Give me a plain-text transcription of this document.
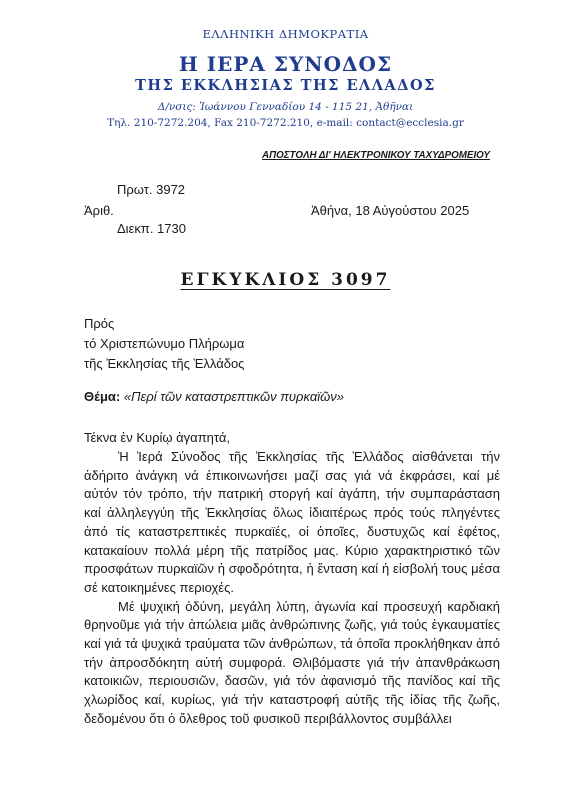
ΕΛΛΗΝΙΚΗ ΔΗΜΟΚΡΑΤΙΑ
Η ΙΕΡΑ ΣΥΝΟΔΟΣ
ΤΗΣ ΕΚΚΛΗΣΙΑΣ ΤΗΣ ΕΛΛΑΔΟΣ
Δ/νσις: Ἰωάννου Γενναδίου 14 - 115 21, Ἀθῆναι
Τηλ. 210-7272.204, Fax 210-7272.210, e-mail: contact@ecclesia.gr
ΑΠΟΣΤΟΛΗ ΔΙ' ΗΛΕΚΤΡΟΝΙΚΟΥ ΤΑΧΥΔΡΟΜΕΙΟΥ
Πρωτ. 3972
Ἀριθ.
Διεκπ. 1730
Ἀθήνα, 18 Αὐγούστου 2025
ΕΓΚΥΚΛΙΟΣ 3097
Πρός
τό Χριστεπώνυμο Πλήρωμα
τῆς Ἐκκλησίας τῆς Ἑλλάδος
Θέμα: «Περί τῶν καταστρεπτικῶν πυρκαϊῶν»
Τέκνα ἐν Κυρίῳ ἀγαπητά,

Ἡ Ἱερά Σύνοδος τῆς Ἐκκλησίας τῆς Ἑλλάδος αἰσθάνεται τήν ἀδήριτο ἀνάγκη νά ἐπικοινωνήσει μαζί σας γιά νά ἐκφράσει, καί μέ αὐτόν τόν τρόπο, τήν πατρική στοργή καί ἀγάπη, τήν συμπαράσταση καί ἀλληλεγγύη τῆς Ἐκκλησίας ὅλως ἰδιαιτέρως πρός τούς πληγέντες ἀπό τίς καταστρεπτικές πυρκαϊές, οἱ ὁποῖες, δυστυχῶς καί ἐφέτος, κατακαίουν πολλά μέρη τῆς πατρίδος μας. Κύριο χαρακτηριστικό τῶν προσφάτων πυρκαϊῶν ἡ σφοδρότητα, ἡ ἔνταση καί ἡ εἰσβολή τους μέσα σέ κατοικημένες περιοχές.

Μέ ψυχική ὀδύνη, μεγάλη λύπη, ἀγωνία καί προσευχή καρδιακή θρηνοῦμε γιά τήν ἀπώλεια μιᾶς ἀνθρώπινης ζωῆς, γιά τούς ἐγκαυματίες καί γιά τά ψυχικά τραύματα τῶν ἀνθρώπων, τά ὁποῖα προκλήθηκαν ἀπό τήν ἀπροσδόκητη αὐτή συμφορά. Θλιβόμαστε γιά τήν ἀπανθράκωση κατοικιῶν, περιουσιῶν, δασῶν, γιά τόν ἀφανισμό τῆς πανίδος καί τῆς χλωρίδος καί, κυρίως, γιά τήν καταστροφή αὐτῆς τῆς ἰδίας τῆς ζωῆς, δεδομένου ὅτι ὁ ὄλεθρος τοῦ φυσικοῦ περιβάλλοντος συμβάλλει
